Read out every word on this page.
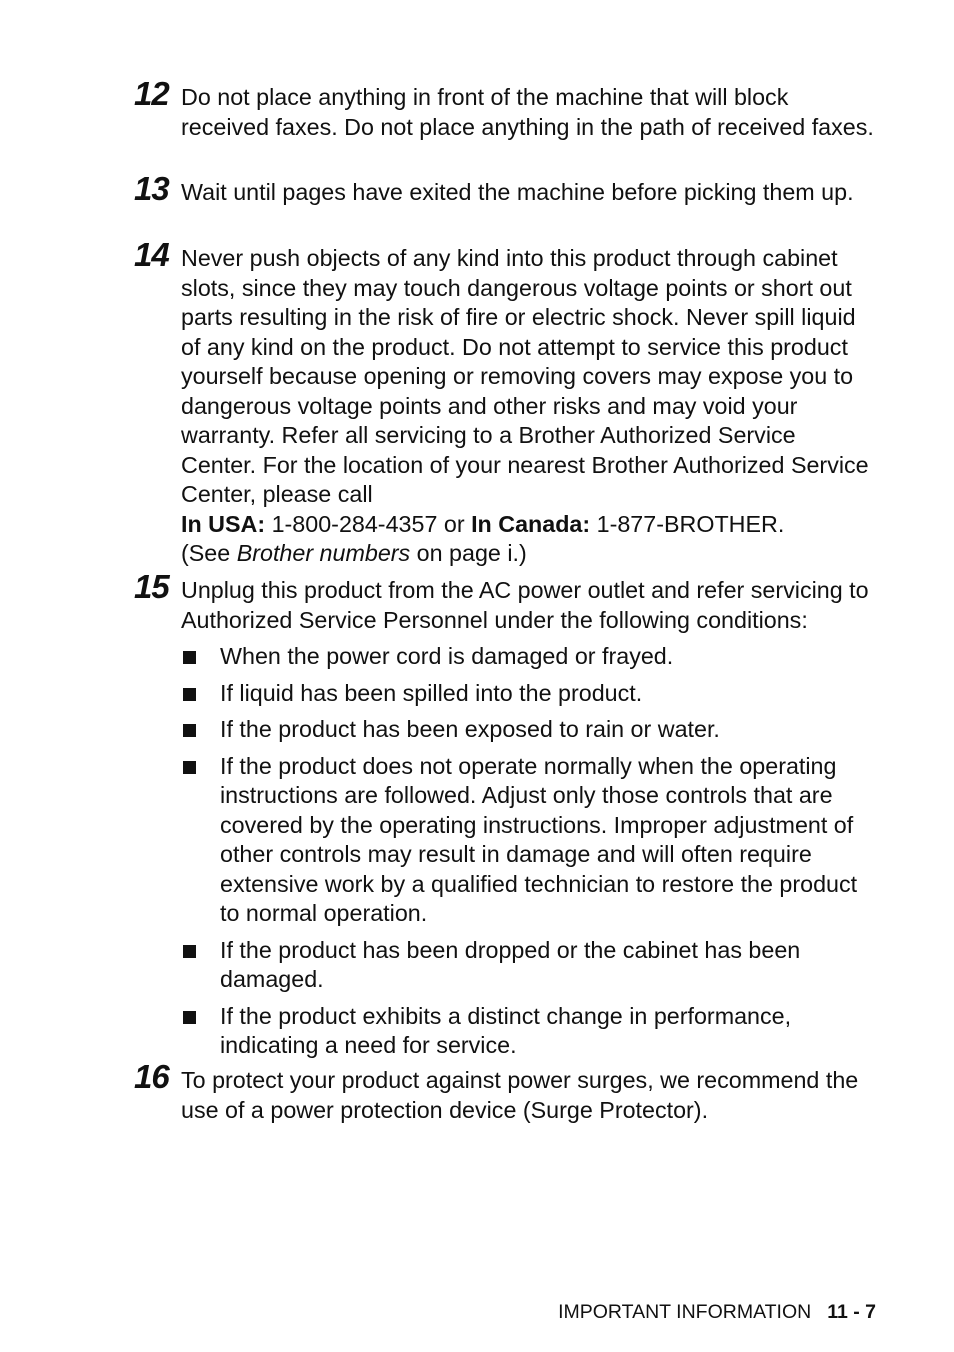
12 Do not place anything in front of the machine that will block received faxes. Do not place anything in the path of received faxes.

13 Wait until pages have exited the machine before picking them up.

14 Never push objects of any kind into this product through cabinet slots, since they may touch dangerous voltage points or short out parts resulting in the risk of fire or electric shock. Never spill liquid of any kind on the product. Do not attempt to service this product yourself because opening or removing covers may expose you to dangerous voltage points and other risks and may void your warranty. Refer all servicing to a Brother Authorized Service Center. For the location of your nearest Brother Authorized Service Center, please call

In USA: 1-800-284-4357 or In Canada: 1-877-BROTHER.

(See Brother numbers on page i.)

15 Unplug this product from the AC power outlet and refer servicing to Authorized Service Personnel under the following conditions:

When the power cord is damaged or frayed.
If liquid has been spilled into the product.
If the product has been exposed to rain or water.
If the product does not operate normally when the operating instructions are followed. Adjust only those controls that are covered by the operating instructions. Improper adjustment of other controls may result in damage and will often require extensive work by a qualified technician to restore the product to normal operation.
If the product has been dropped or the cabinet has been damaged.
If the product exhibits a distinct change in performance, indicating a need for service.
16 To protect your product against power surges, we recommend the use of a power protection device (Surge Protector).

IMPORTANT INFORMATION 11 - 7
